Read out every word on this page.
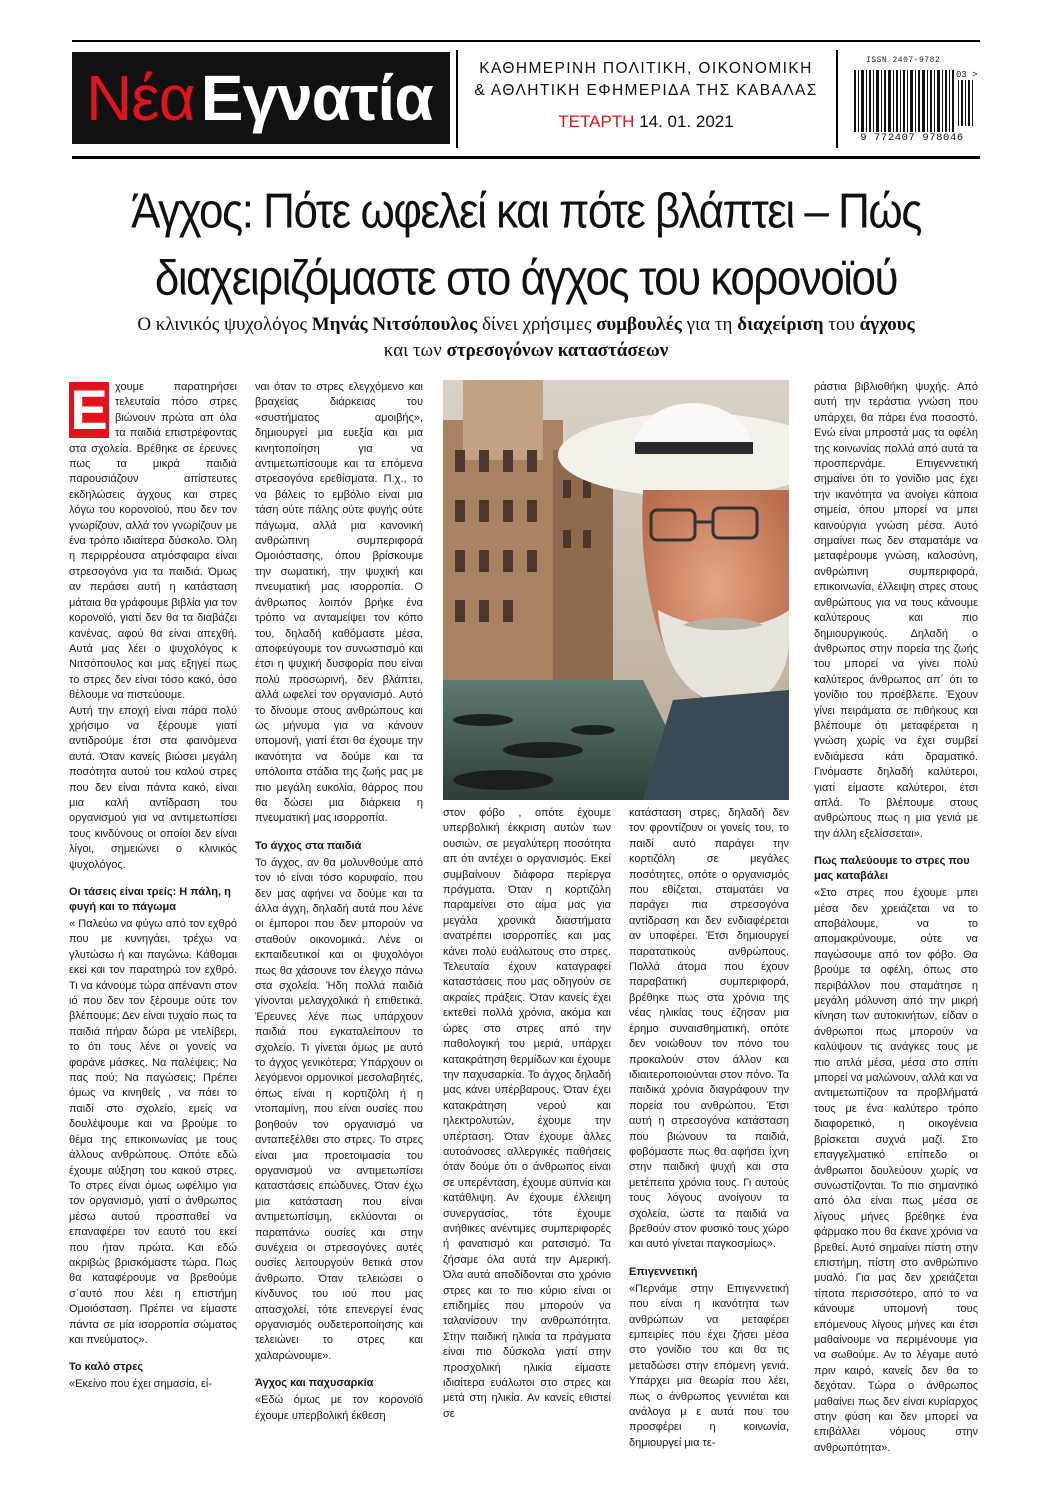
Νέα Εγνατία	ΚΑΘΗΜΕΡΙΝΗ ΠΟΛΙΤΙΚΗ, ΟΙΚΟΝΟΜΙΚΗ
& ΑΘΛΗΤΙΚΗ ΕΦΗΜΕΡΙΔΑ ΤΗΣ ΚΑΒΑΛΑΣ
ΤΕΤΑΡΤΗ 14. 01. 2021
ISSN 2407-9782
03 >
9 772407 978046
Άγχος: Πότε ωφελεί και πότε βλάπτει – Πώς
διαχειριζόμαστε στο άγχος του κορονοϊού

Ο κλινικός ψυχολόγος Μηνάς Νιτσόπουλος δίνει χρήσιμες συμβουλές για τη διαχείριση του άγχους
και των στρεσογόνων καταστάσεων

Ε χουμε παρατηρήσει τελευταία πόσο στρες βιώνουν πρώτα απ όλα τα παιδιά επιστρέφοντας στα σχολεία. Βρέθηκε σε έρευνες πως τα μικρά παιδιά παρουσιάζουν απίστευτες εκδηλώσεις άγχους και στρες λόγω του κορονοϊού, που δεν τον γνωρίζουν, αλλά τον γνωρίζουν με ένα τρόπο ιδιαίτερα δύσκολο. Όλη η περιρρέουσα ατμόσφαιρα είναι στρεσογόνα για τα παιδιά. Όμως αν περάσει αυτή η κατάσταση μάταια θα γράφουμε βιβλία για τον κορονοϊό, γιατί δεν θα τα διαβάζει κανένας, αφού θα είναι απεχθή. Αυτά μας λέει ο ψυχολόγος κ Νιτσόπουλος και μας εξηγεί πως το στρες δεν είναι τόσο κακό, όσο θέλουμε να πιστεύουμε.

Αυτή την εποχή είναι πάρα πολύ χρήσιμο να ξέρουμε γιατί αντιδρούμε έτσι στα φαινόμενα αυτά. Όταν κανείς βιώσει μεγάλη ποσότητα αυτού του καλού στρες που δεν είναι πάντα κακό, είναι μια καλή αντίδραση του οργανισμού για να αντιμετωπίσει τους κινδύνους οι οποίοι δεν είναι λίγοι, σημειώνει ο κλινικός ψυχολόγος.

Οι τάσεις είναι τρείς: Η πάλη, η φυγή και το πάγωμα

« Παλεύω να φύγω από τον εχθρό που με κυνηγάει, τρέχω να γλυτώσω ή και παγώνω. Κάθομαι εκεί και τον παρατηρώ τον εχθρό. Τι να κάνουμε τώρα απέναντι στον ιό που δεν τον ξέρουμε ούτε τον βλέπουμε; Δεν είναι τυχαίο πως τα παιδιά πήραν δώρα με ντελίβερι, το ότι τους λένε οι γονείς να φοράνε μάσκες. Να παλέψεις; Να πας πού; Να παγώσεις; Πρέπει όμως να κινηθείς , να πάει το παιδί στο σχολείο, εμείς να δουλέψουμε και να βρούμε το θέμα της επικοινωνίας με τους άλλους ανθρώπους. Οπότε εδώ έχουμε αύξηση του κακού στρες. Το στρες είναι όμως ωφέλιμο για τον οργανισμό, γιατί ο άνθρωπος μέσω αυτού προσπαθεί να επαναφέρει τον εαυτό του εκεί που ήταν πρώτα. Και εδώ ακριβώς βρισκόμαστε τώρα. Πως θα καταφέρουμε να βρεθούμε σ΄αυτό που λέει η επιστήμη Ομοιόσταση. Πρέπει να είμαστε πάντα σε μία ισορροπία σώματος και πνεύματος».

Το καλό στρες

«Εκείνο που έχει σημασία, εί-

ναι όταν το στρες ελεγχόμενο και βραχείας διάρκειας του «συστήματος αμοιβής», δημιουργεί μια ευεξία και μια κινητοποίηση για να αντιμετωπίσουμε και τα επόμενα στρεσογόνα ερεθίσματα. Π.χ., το να βάλεις το εμβόλιο είναι μια τάση ούτε πάλης ούτε φυγής ούτε πάγωμα, αλλά μια κανονική ανθρώπινη συμπεριφορά Ομοιόστασης, όπου βρίσκουμε την σωματική, την ψυχική και πνευματική μας ισορροπία. Ο άνθρωπος λοιπόν βρήκε ένα τρόπο να ανταμείψει τον κόπο του, δηλαδή καθόμαστε μέσα, αποφεύγουμε τον συνωστισμό και έτσι η ψυχική δυσφορία που είναι πολύ προσωρινή, δεν βλάπτει, αλλά ωφελεί τον οργανισμό. Αυτό το δίνουμε στους ανθρώπους και ως μήνυμα για να κάνουν υπομονή, γιατί έτσι θα έχουμε την ικανότητα να δούμε και τα υπόλοιπα στάδια της ζωής μας με πιο μεγάλη ευκολία, θάρρος που θα δώσει μια διάρκεια η πνευματική μας ισορροπία.

Το άγχος στα παιδιά

Το άγχος, αν θα μολυνθούμε από τον ιό είναι τόσο κορυφαίο, που δεν μας αφήνει να δούμε και τα άλλα άγχη, δηλαδή αυτά που λένε οι έμποροι που δεν μπορούν να σταθούν οικονομικά. Λένε οι εκπαιδευτικοί και οι ψυχολόγοι πως θα χάσουνε τον έλεγχο πάνω στα σχολεία. Ήδη πολλά παιδιά γίνονται μελαγχολικά ή επιθετικά. Έρευνες λένε πως υπάρχουν παιδιά που εγκαταλείπουν το σχολείο. Τι γίνεται όμως με αυτό το άγχος γενικότερα; Υπάρχουν οι λεγόμενοι ορμονικοί μεσολαβητές, όπως είναι η κορτιζόλη ή η ντοπαμίνη, που είναι ουσίες που βοηθούν τον οργανισμό να ανταπεξέλθει στο στρες. Το στρες είναι μια προετοιμασία του οργανισμού να αντιμετωπίσει καταστάσεις επώδυνες. Όταν έχω μια κατάσταση που είναι αντιμετωπίσιμη, εκλύονται οι παραπάνω ουσίες και στην συνέχεια οι στρεσογόνες αυτές ουσίες λειτουργούν θετικά στον άνθρωπο. Όταν τελειώσει ο κίνδυνος του ιού που μας απασχολεί, τότε επενεργεί ένας οργανισμός ουδετεροποίησης και τελειώνει το στρες και χαλαρώνουμε».

Άγχος και παχυσαρκία

«Εδώ όμως με τον κορονοϊό έχουμε υπερβολική έκθεση

στον φόβο , οπότε έχουμε υπερβολική έκκριση αυτών των ουσιών, σε μεγαλύτερη ποσότητα απ ότι αντέχει ο οργανισμός. Εκεί συμβαίνουν διάφορα περίεργα πράγματα. Όταν η κορτιζόλη παραμείνει στο αίμα μας για μεγάλα χρονικά διαστήματα ανατρέπει ισορροπίες και μας κάνει πολύ ευάλωτους στο στρες. Τελευταία έχουν καταγραφεί καταστάσεις που μας οδηγούν σε ακραίες πράξεις. Όταν κανείς έχει εκτεθεί πολλά χρόνια, ακόμα και ώρες στο στρες από την παθολογική του μεριά, υπάρχει κατακράτηση θερμίδων και έχουμε την παχυσαρκία. Το άγχος δηλαδή μας κάνει υπέρβαρους. Όταν έχει κατακράτηση νερού και ηλεκτρολυτών, έχουμε την υπέρταση. Όταν έχουμε άλλες αυτοάνοσες αλλεργικές παθήσεις όταν δούμε ότι ο άνθρωπος είναι σε υπερένταση, έχουμε αϋπνία και κατάθλιψη. Αν έχουμε έλλειψη συνεργασίας, τότε έχουμε ανήθικες ανέντιμες συμπεριφορές ή φανατισμό και ρατσισμό. Τα ζήσαμε όλα αυτά την Αμερική. Όλα αυτά αποδίδονται στο χρόνιο στρες και το πιο κύριο είναι οι επιδημίες που μπορούν να ταλανίσουν την ανθρωπότητα. Στην παιδική ηλικία τα πράγματα είναι πιο δύσκολα γιατί στην προσχολική ηλικία είμαστε ιδιαίτερα ευάλωτοι στο στρες και μετά στη ηλικία. Αν κανείς εθιστεί σε

κατάσταση στρες, δηλαδή δεν τον φροντίζουν οι γονείς του, το παιδί αυτό παράγει την κορτιζόλη σε μεγάλες ποσότητες, οπότε ο οργανισμός που εθίζεται, σταματάει να παράγει πια στρεσογόνα αντίδραση και δεν ενδιαφέρεται αν υποφέρει. Έτσι δημιουργεί παρατατικούς ανθρώπους. Πολλά άτομα που έχουν παραβατική συμπεριφορά, βρέθηκε πως στα χρόνια της νέας ηλικίας τους έζησαν μια έρημο συναισθηματική, οπότε δεν νοιώθουν τον πόνο του προκαλούν στον άλλον και ιδιαιτεροποιούνται στον πόνο. Τα παιδικά χρόνια διαγράφουν την πορεία του ανθρώπου. Έτσι αυτή η στρεσογόνα κατάσταση που βιώνουν τα παιδιά, φοβόμαστε πως θα αφήσει ίχνη στην παιδική ψυχή και στα μετέπειτα χρόνια τους. Γι αυτούς τους λόγους ανοίγουν τα σχολεία, ώστε τα παιδιά να βρεθούν στον φυσικό τους χώρο και αυτό γίνεται παγκοσμίως».

Επιγεννετική

«Περνάμε στην Επιγεννετική που είναι η ικανότητα των ανθρώπων να μεταφέρει εμπειρίες που έχει ζήσει μέσα στο γονίδιο του και θα τις μεταδώσει στην επόμενη γενιά. Υπάρχει μια θεωρία που λέει, πως ο άνθρωπος γεννιέται και ανάλογα μ ε αυτά που του προσφέρει η κοινωνία, δημιουργεί μια τε-

ράστια βιβλιοθήκη ψυχής. Από αυτή την τεράστια γνώση που υπάρχει, θα πάρει ένα ποσοστό. Ενώ είναι μπροστά μας τα οφέλη της κοινωνίας πολλά από αυτά τα προσπερνάμε. Επιγεννετική σημαίνει ότι το γονίδιο μας έχει την ικανότητα να ανοίγει κάποια σημεία, όπου μπορεί να μπει καινούργια γνώση μέσα. Αυτό σημαίνει πως δεν σταματάμε να μεταφέρουμε γνώση, καλοσύνη, ανθρώπινη συμπεριφορά, επικοινωνία, έλλειψη στρες στους ανθρώπους για να τους κάνουμε καλύτερους και πιο δημιουργικούς. Δηλαδή ο άνθρωπος στην πορεία της ζωής του μπορεί να γίνει πολύ καλύτερος άνθρωπος απ΄ ότι το γονίδιο του προέβλεπε. Έχουν γίνει πειράματα σε πιθήκους και βλέπουμε ότι μεταφέρεται η γνώση χωρίς να έχει συμβεί ενδιάμεσα κάτι δραματικό. Γινόμαστε δηλαδή καλύτεροι, γιατί είμαστε καλύτεροι, έτσι απλά. Το βλέπουμε στους ανθρώπους πως η μια γενιά με την άλλη εξελίσσεται».

Πως παλεύουμε το στρες που μας καταβάλει

«Στο στρες που έχουμε μπει μέσα δεν χρειάζεται να το αποβάλουμε, να το απομακρύνουμε, ούτε να παγώσουμε από τον φόβο. Θα βρούμε τα οφέλη, όπως στο περιβάλλον που σταμάτησε η μεγάλη μόλυνση από την μικρή κίνηση των αυτοκινήτων, είδαν ο άνθρωποι πως μπορούν να καλύψουν τις ανάγκες τους με πιο απλά μέσα, μέσα στο σπίτι μπορεί να μαλώνουν, αλλά και να αντιμετωπίζουν τα προβλήματά τους με ένα καλύτερο τρόπο διαφορετικό, η οικογένεια βρίσκεται συχνά μαζί. Στο επαγγελματικό επίπεδο οι άνθρωποι δουλεύουν χωρίς να συνωστίζονται. Το πιο σημαντικό από όλα είναι πως μέσα σε λίγους μήνες βρέθηκε ένα φάρμακο που θα έκανε χρόνια να βρεθεί. Αυτό σημαίνει πίστη στην επιστήμη, πίστη στο ανθρώπινο μυαλό. Για μας δεν χρειάζεται τίποτα περισσότερο, από το να κάνουμε υπομονή τους επόμενους λίγους μήνες και έτσι μαθαίνουμε να περιμένουμε για να σωθούμε. Αν το λέγαμε αυτό πριν καιρό, κανείς δεν θα το δεχόταν. Τώρα ο άνθρωπος μαθαίνει πως δεν είναι κυρίαρχος στην φύση και δεν μπορεί να επιβάλλει νόμους στην ανθρωπότητα».
